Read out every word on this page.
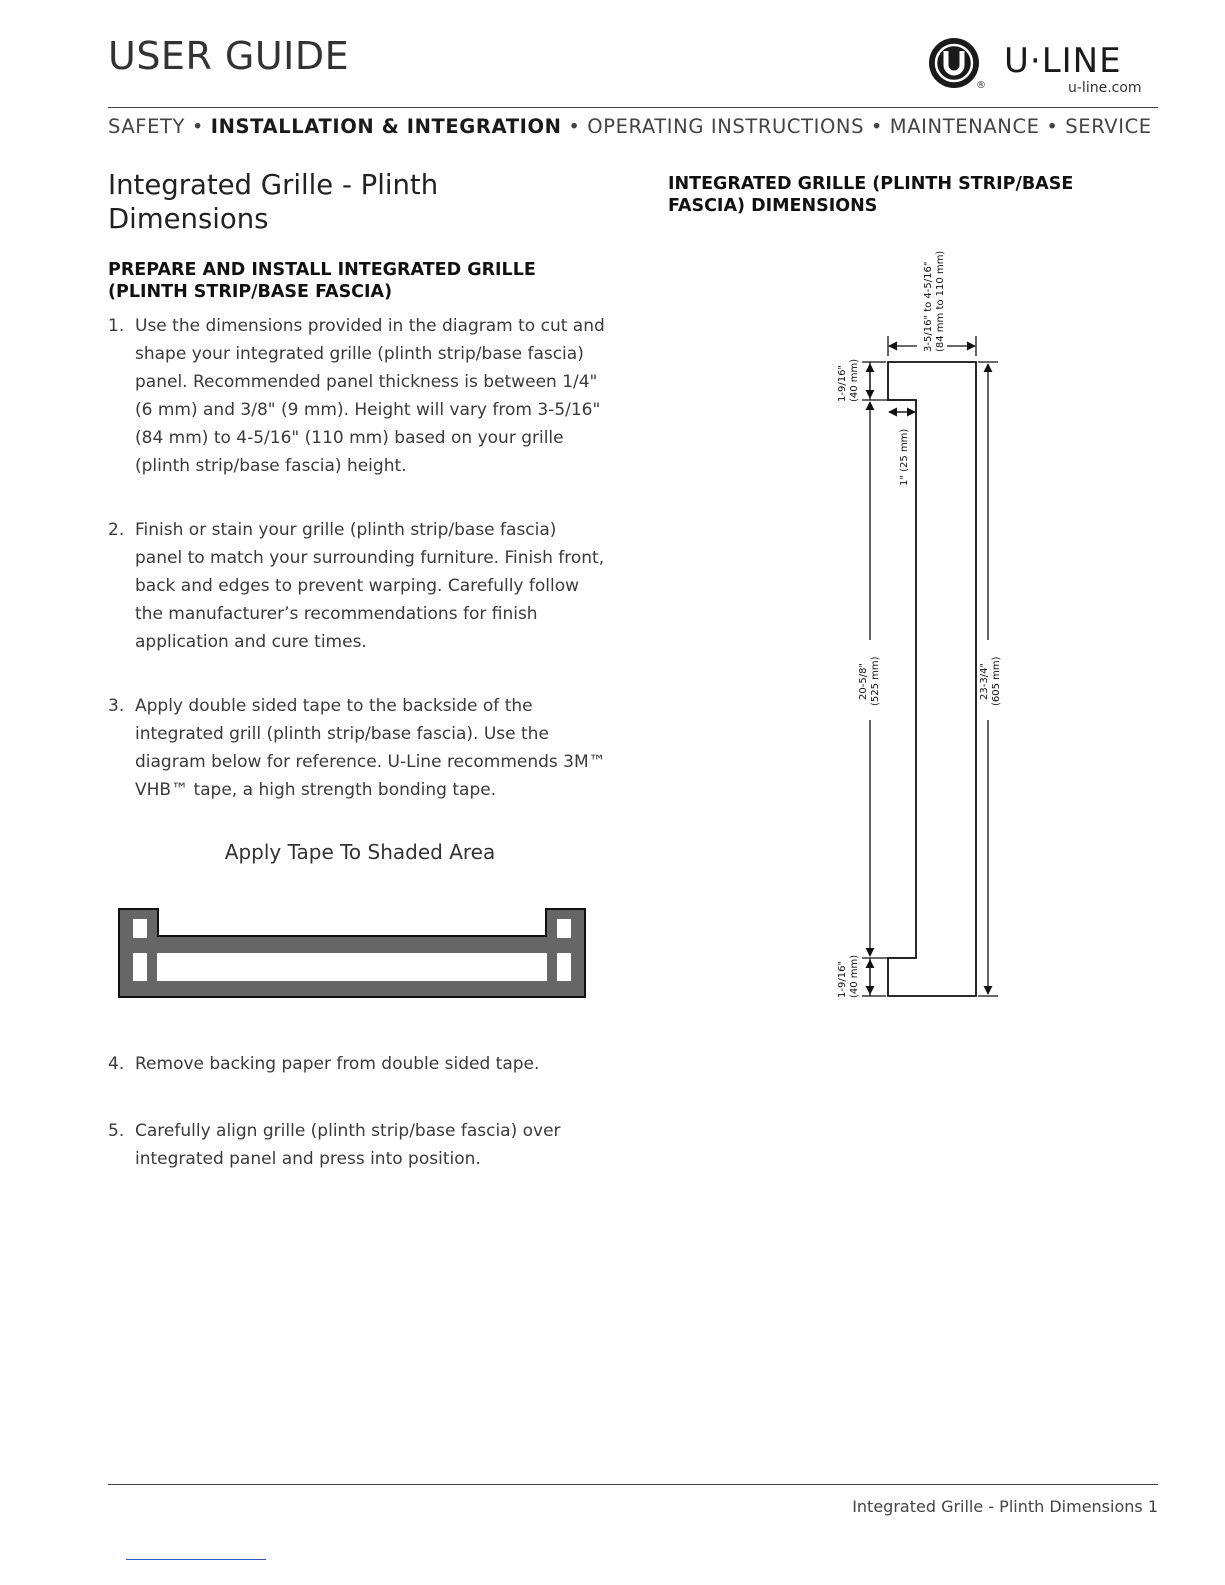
USER GUIDE
®
U·LINE
u-line.com
SAFETY • INSTALLATION & INTEGRATION • OPERATING INSTRUCTIONS • MAINTENANCE • SERVICE
Integrated Grille - Plinth Dimensions
PREPARE AND INSTALL INTEGRATED GRILLE (PLINTH STRIP/BASE FASCIA)
1. Use the dimensions provided in the diagram to cut and shape your integrated grille (plinth strip/base fascia) panel. Recommended panel thickness is between 1/4" (6 mm) and 3/8" (9 mm). Height will vary from 3-5/16" (84 mm) to 4-5/16" (110 mm) based on your grille (plinth strip/base fascia) height.
2. Finish or stain your grille (plinth strip/base fascia) panel to match your surrounding furniture. Finish front, back and edges to prevent warping. Carefully follow the manufacturer’s recommendations for finish application and cure times.
3. Apply double sided tape to the backside of the integrated grill (plinth strip/base fascia). Use the diagram below for reference. U-Line recommends 3M™ VHB™ tape, a high strength bonding tape.
Apply Tape To Shaded Area
4. Remove backing paper from double sided tape.
5. Carefully align grille (plinth strip/base fascia) over integrated panel and press into position.
INTEGRATED GRILLE (PLINTH STRIP/BASE FASCIA) DIMENSIONS
3-5/16" to 4-5/16" (84 mm to 110 mm)
1-9/16" (40 mm)
1" (25 mm)
20-5/8" (525 mm)	23-3/4" (605 mm)
1-9/16" (40 mm)
Integrated Grille - Plinth Dimensions 1
